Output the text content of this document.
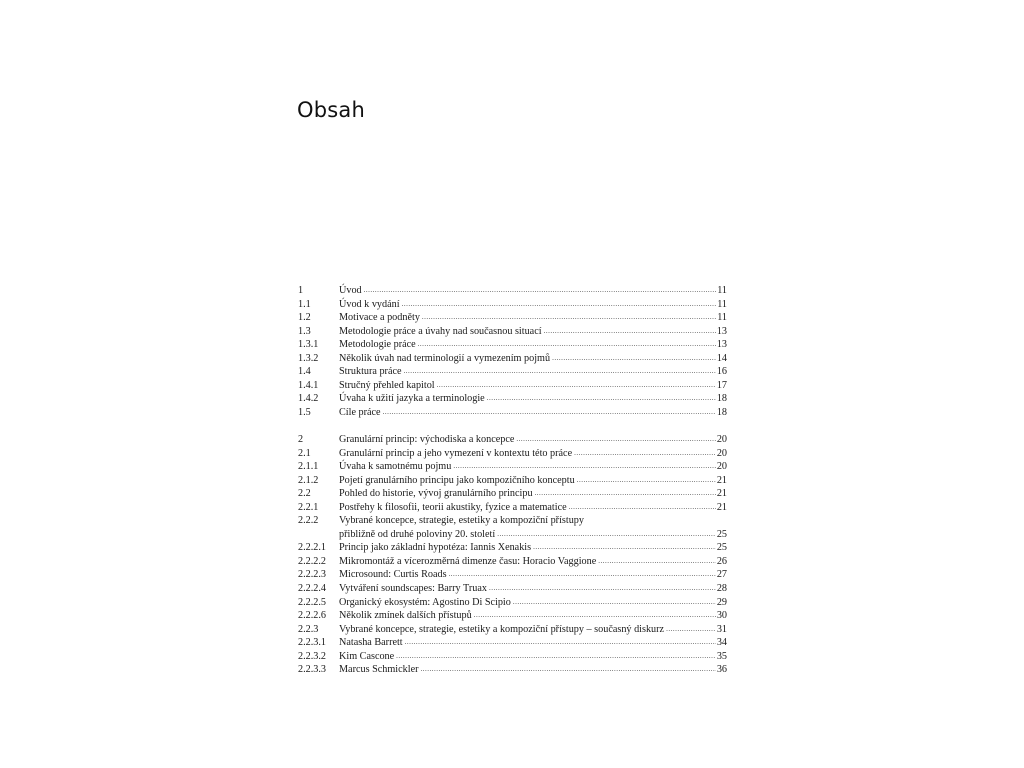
Obsah
1	Úvod .....	11
1.1	Úvod k vydání .....	11
1.2	Motivace a podněty .....	11
1.3	Metodologie práce a úvahy nad současnou situací .....	13
1.3.1	Metodologie práce .....	13
1.3.2	Několik úvah nad terminologií a vymezením pojmů .....	14
1.4	Struktura práce .....	16
1.4.1	Stručný přehled kapitol .....	17
1.4.2	Úvaha k užití jazyka a terminologie .....	18
1.5	Cíle práce .....	18
2	Granulární princip: východiska a koncepce .....	20
2.1	Granulární princip a jeho vymezení v kontextu této práce .....	20
2.1.1	Úvaha k samotnému pojmu .....	20
2.1.2	Pojetí granulárního principu jako kompozičního konceptu .....	21
2.2	Pohled do historie, vývoj granulárního principu .....	21
2.2.1	Postřehy k filosofii, teorii akustiky, fyzice a matematice .....	21
2.2.2	Vybrané koncepce, strategie, estetiky a kompoziční přístupy
přibližně od druhé poloviny 20. století .....	25
2.2.2.1	Princip jako základní hypotéza: Iannis Xenakis .....	25
2.2.2.2	Mikromontáž a vícerozměrná dimenze času: Horacio Vaggione .....	26
2.2.2.3	Microsound: Curtis Roads .....	27
2.2.2.4	Vytváření soundscapes: Barry Truax .....	28
2.2.2.5	Organický ekosystém: Agostino Di Scipio .....	29
2.2.2.6	Několik zmínek dalších přístupů .....	30
2.2.3	Vybrané koncepce, strategie, estetiky a kompoziční přístupy – současný diskurz .....	31
2.2.3.1	Natasha Barrett .....	34
2.2.3.2	Kim Cascone .....	35
2.2.3.3	Marcus Schmickler .....	36
